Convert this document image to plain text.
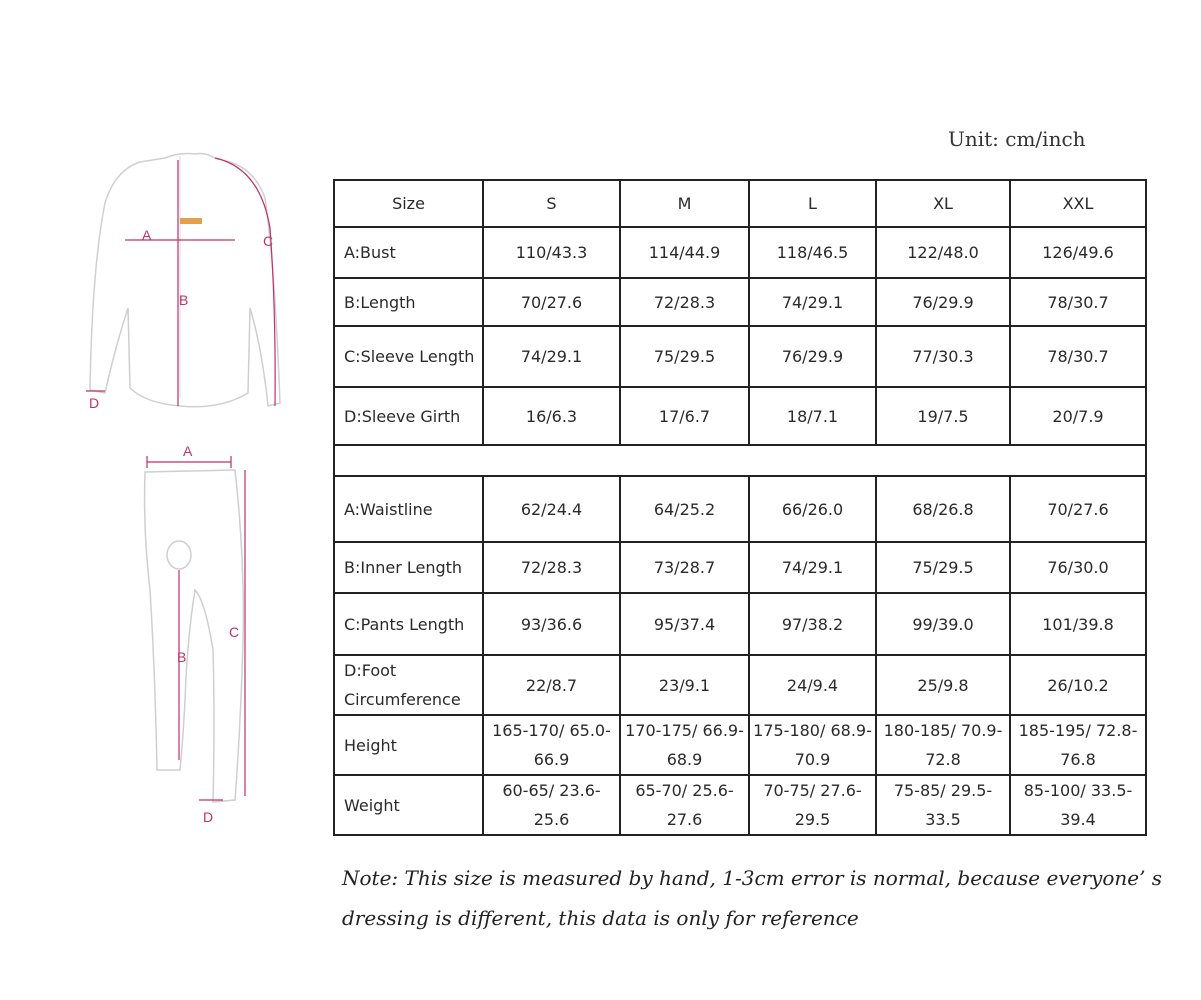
Unit: cm/inch
A
B
C
D
A
B
C
D
Size	S	M	L	XL	XXL
A:Bust	110/43.3	114/44.9	118/46.5	122/48.0	126/49.6
B:Length	70/27.6	72/28.3	74/29.1	76/29.9	78/30.7
C:Sleeve Length	74/29.1	75/29.5	76/29.9	77/30.3	78/30.7
D:Sleeve Girth	16/6.3	17/6.7	18/7.1	19/7.5	20/7.9

A:Waistline	62/24.4	64/25.2	66/26.0	68/26.8	70/27.6
B:Inner Length	72/28.3	73/28.7	74/29.1	75/29.5	76/30.0
C:Pants Length	93/36.6	95/37.4	97/38.2	99/39.0	101/39.8
D:Foot Circumference	22/8.7	23/9.1	24/9.4	25/9.8	26/10.2
Height	165-170/ 65.0-66.9	170-175/ 66.9-68.9	175-180/ 68.9-70.9	180-185/ 70.9-72.8	185-195/ 72.8-76.8
Weight	60-65/ 23.6-25.6	65-70/ 25.6-27.6	70-75/ 27.6-29.5	75-85/ 29.5-33.5	85-100/ 33.5-39.4
Note: This size is measured by hand, 1-3cm error is normal, because everyone’ s dressing is different, this data is only for reference
